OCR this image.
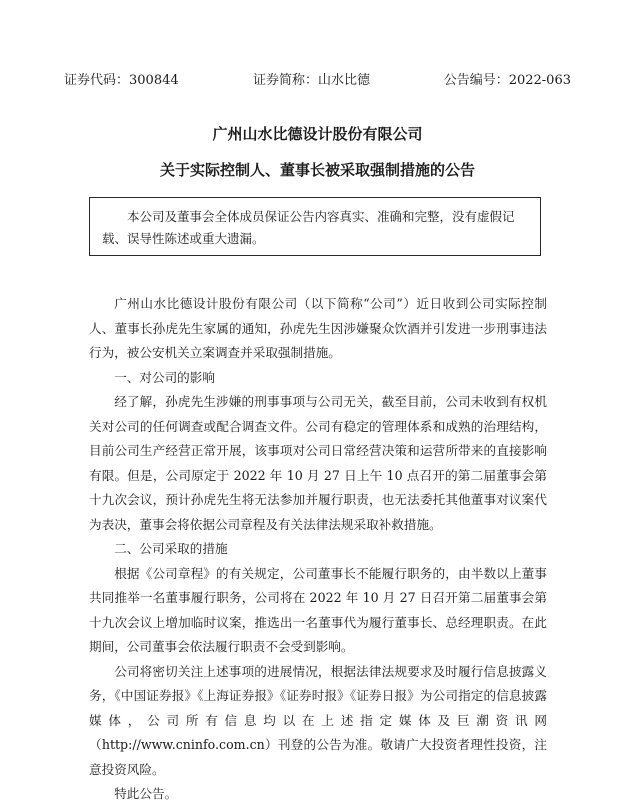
证券代码：300844	证券简称：山水比德	公告编号：2022-063
广州山水比德设计股份有限公司
关于实际控制人、董事长被采取强制措施的公告

本公司及董事会全体成员保证公告内容真实、准确和完整，没有虚假记载、误导性陈述或重大遗漏。

广州山水比德设计股份有限公司（以下简称“公司”）近日收到公司实际控制人、董事长孙虎先生家属的通知，孙虎先生因涉嫌聚众饮酒并引发进一步刑事违法行为，被公安机关立案调查并采取强制措施。

一、对公司的影响

经了解，孙虎先生涉嫌的刑事事项与公司无关，截至目前，公司未收到有权机关对公司的任何调查或配合调查文件。公司有稳定的管理体系和成熟的治理结构，目前公司生产经营正常开展，该事项对公司日常经营决策和运营所带来的直接影响有限。但是，公司原定于 2022 年 10 月 27 日上午 10 点召开的第二届董事会第十九次会议，预计孙虎先生将无法参加并履行职责，也无法委托其他董事对议案代为表决，董事会将依据公司章程及有关法律法规采取补救措施。

二、公司采取的措施

根据《公司章程》的有关规定，公司董事长不能履行职务的，由半数以上董事共同推举一名董事履行职务，公司将在 2022 年 10 月 27 日召开第二届董事会第十九次会议上增加临时议案，推选出一名董事代为履行董事长、总经理职责。在此期间，公司董事会依法履行职责不会受到影响。

公司将密切关注上述事项的进展情况，根据法律法规要求及时履行信息披露义务，《中国证券报》《上海证券报》《证券时报》《证券日报》为公司指定的信息披露媒体，公司所有信息均以在上述指定媒体及巨潮资讯网（http://www.cninfo.com.cn）刊登的公告为准。敬请广大投资者理性投资，注意投资风险。

特此公告。
